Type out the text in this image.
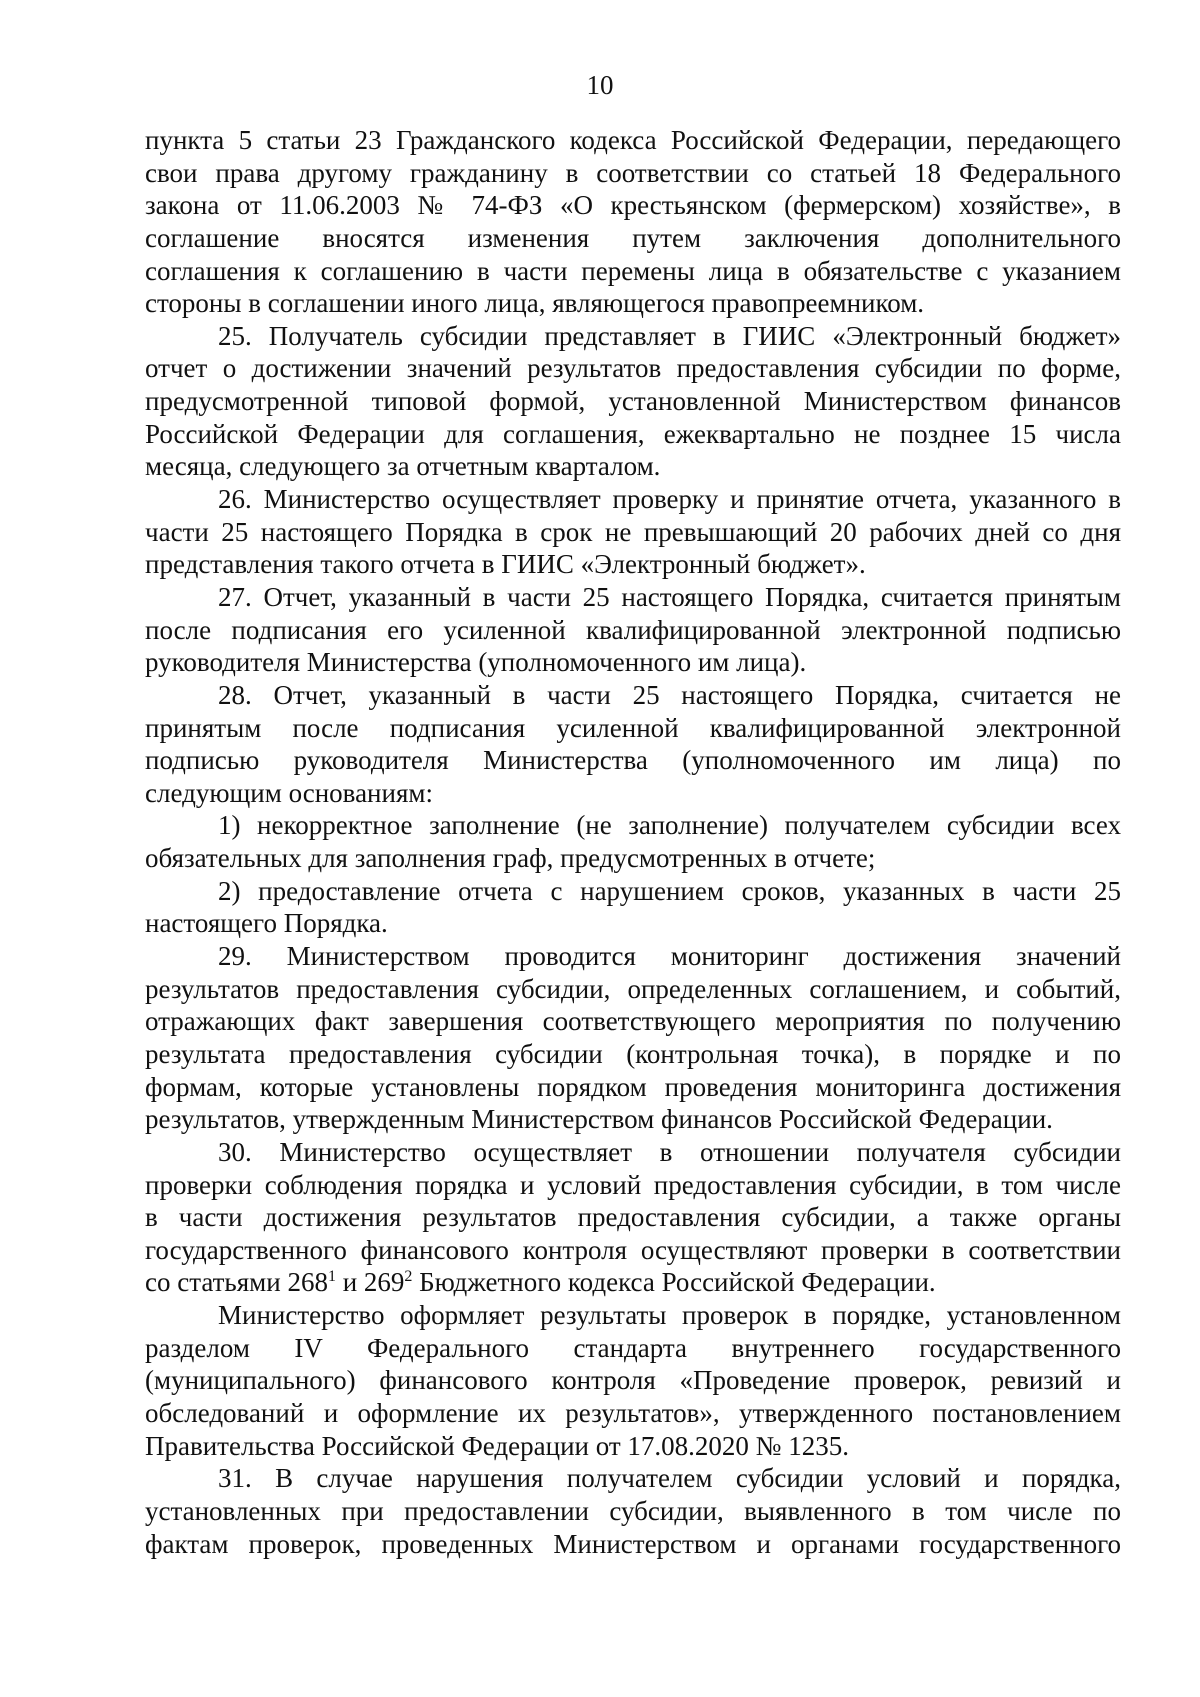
10
пункта 5 статьи 23 Гражданского кодекса Российской Федерации, передающего
свои права другому гражданину в соответствии со статьей 18 Федерального
закона от 11.06.2003 № 74-ФЗ «О крестьянском (фермерском) хозяйстве», в
соглашение вносятся изменения путем заключения дополнительного
соглашения к соглашению в части перемены лица в обязательстве с указанием
стороны в соглашении иного лица, являющегося правопреемником.
25. Получатель субсидии представляет в ГИИС «Электронный бюджет»
отчет о достижении значений результатов предоставления субсидии по форме,
предусмотренной типовой формой, установленной Министерством финансов
Российской Федерации для соглашения, ежеквартально не позднее 15 числа
месяца, следующего за отчетным кварталом.
26. Министерство осуществляет проверку и принятие отчета, указанного в
части 25 настоящего Порядка в срок не превышающий 20 рабочих дней со дня
представления такого отчета в ГИИС «Электронный бюджет».
27. Отчет, указанный в части 25 настоящего Порядка, считается принятым
после подписания его усиленной квалифицированной электронной подписью
руководителя Министерства (уполномоченного им лица).
28. Отчет, указанный в части 25 настоящего Порядка, считается не
принятым после подписания усиленной квалифицированной электронной
подписью руководителя Министерства (уполномоченного им лица) по
следующим основаниям:
1) некорректное заполнение (не заполнение) получателем субсидии всех
обязательных для заполнения граф, предусмотренных в отчете;
2) предоставление отчета с нарушением сроков, указанных в части 25
настоящего Порядка.
29. Министерством проводится мониторинг достижения значений
результатов предоставления субсидии, определенных соглашением, и событий,
отражающих факт завершения соответствующего мероприятия по получению
результата предоставления субсидии (контрольная точка), в порядке и по
формам, которые установлены порядком проведения мониторинга достижения
результатов, утвержденным Министерством финансов Российской Федерации.
30. Министерство осуществляет в отношении получателя субсидии
проверки соблюдения порядка и условий предоставления субсидии, в том числе
в части достижения результатов предоставления субсидии, а также органы
государственного финансового контроля осуществляют проверки в соответствии
со статьями $268^1$ и $269^2$ Бюджетного кодекса Российской Федерации.
Министерство оформляет результаты проверок в порядке, установленном
разделом IV Федерального стандарта внутреннего государственного
(муниципального) финансового контроля «Проведение проверок, ревизий и
обследований и оформление их результатов», утвержденного постановлением
Правительства Российской Федерации от 17.08.2020 № 1235.
31. В случае нарушения получателем субсидии условий и порядка,
установленных при предоставлении субсидии, выявленного в том числе по
фактам проверок, проведенных Министерством и органами государственного
